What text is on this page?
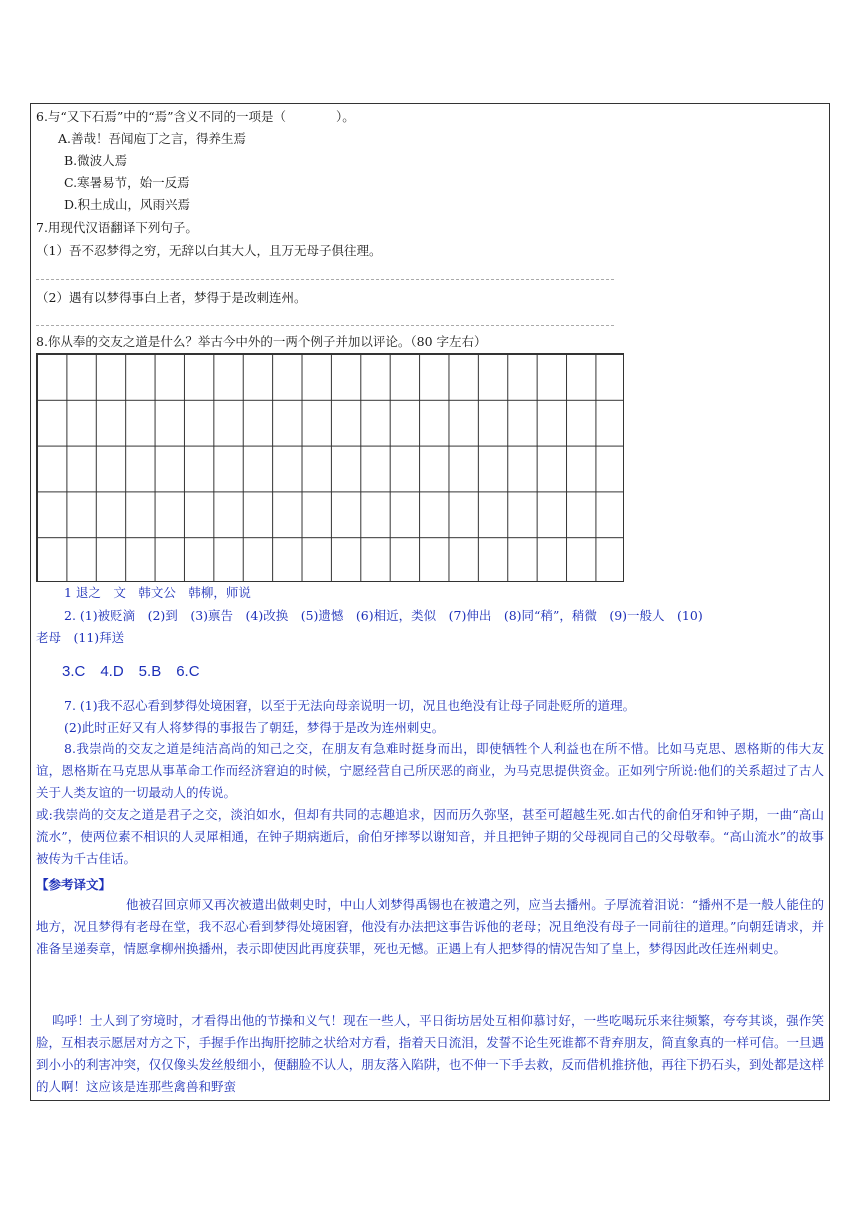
6.与“又下石焉”中的“焉”含义不同的一项是（　　　　）。
A.善哉！吾闻庖丁之言，得养生焉
B.微波人焉
C.寒暑易节，始一反焉
D.积土成山，风雨兴焉
7.用现代汉语翻译下列句子。
（1）吾不忍梦得之穷，无辞以白其大人，且万无母子俱往理。
（2）遇有以梦得事白上者，梦得于是改刺连州。
8.你从奉的交友之道是什么？举古今中外的一两个例子并加以评论。（80 字左右）
1 退之　文　韩文公　韩柳，师说
2. (1)被贬滴　(2)到　(3)禀告　(4)改换　(5)遗憾　(6)相近，类似　(7)伸出　(8)同“稍”，稍微　(9)一般人　(10)
老母　(11)拜送
3.C　4.D　5.B　6.C
7. (1)我不忍心看到梦得处境困窘，以至于无法向母亲说明一切，况且也绝没有让母子同赴贬所的道理。
(2)此时正好又有人将梦得的事报告了朝廷，梦得于是改为连州刺史。
8.我崇尚的交友之道是纯洁高尚的知己之交，在朋友有急难时挺身而出，即使牺牲个人利益也在所不惜。比如马克思、恩格斯的伟大友谊，恩格斯在马克思从事革命工作而经济窘迫的时候，宁愿经营自己所厌恶的商业，为马克思提供资金。正如列宁所说:他们的关系超过了古人关于人类友谊的一切最动人的传说。
或:我崇尚的交友之道是君子之交，淡泊如水，但却有共同的志趣追求，因而历久弥坚，甚至可超越生死.如古代的俞伯牙和钟子期，一曲“高山流水”，使两位素不相识的人灵犀相通，在钟子期病逝后，俞伯牙摔琴以谢知音，并且把钟子期的父母视同自己的父母敬奉。“高山流水”的故事被传为千古佳话。
【参考译文】
他被召回京师又再次被遣出做刺史时，中山人刘梦得禹锡也在被遣之列，应当去播州。子厚流着泪说：“播州不是一般人能住的地方，况且梦得有老母在堂，我不忍心看到梦得处境困窘，他没有办法把这事告诉他的老母；况且绝没有母子一同前往的道理。”向朝廷请求，并准备呈递奏章，情愿拿柳州换播州，表示即使因此再度获罪，死也无憾。正遇上有人把梦得的情况告知了皇上，梦得因此改任连州刺史。
呜呼！士人到了穷境时，才看得出他的节操和义气！现在一些人，平日街坊居处互相仰慕讨好，一些吃喝玩乐来往频繁，夸夸其谈，强作笑脸，互相表示愿居对方之下，手握手作出掏肝挖肺之状给对方看，指着天日流泪，发誓不论生死谁都不背弃朋友，简直象真的一样可信。一旦遇到小小的利害冲突，仅仅像头发丝般细小，便翻脸不认人，朋友落入陷阱，也不伸一下手去救，反而借机推挤他，再往下扔石头，到处都是这样的人啊！这应该是连那些禽兽和野蛮
